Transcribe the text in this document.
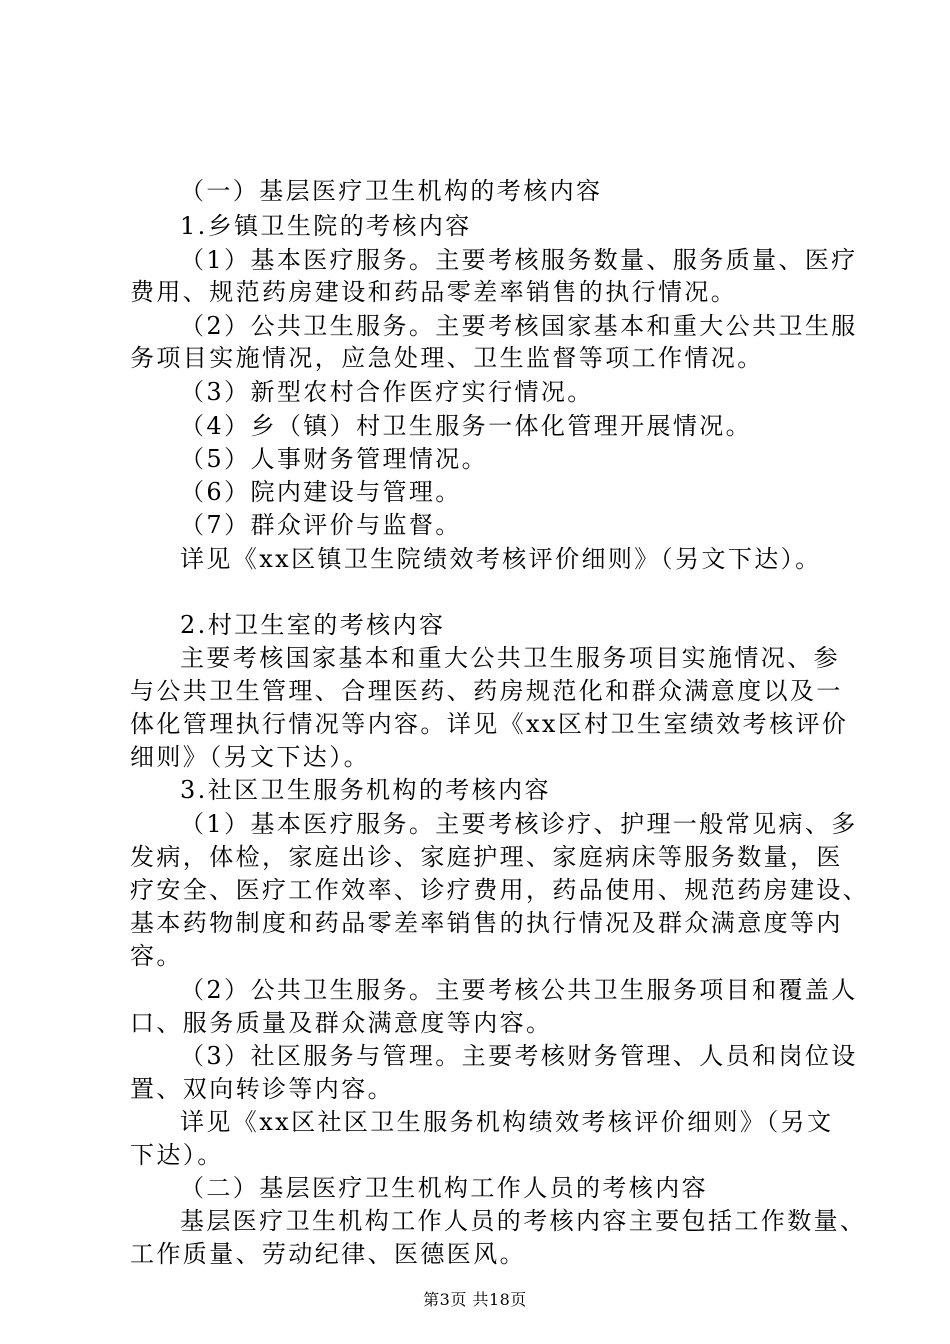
（一）基层医疗卫生机构的考核内容
1.乡镇卫生院的考核内容
（1）基本医疗服务。主要考核服务数量、服务质量、医疗
费用、规范药房建设和药品零差率销售的执行情况。
（2）公共卫生服务。主要考核国家基本和重大公共卫生服
务项目实施情况，应急处理、卫生监督等项工作情况。
（3）新型农村合作医疗实行情况。
（4）乡（镇）村卫生服务一体化管理开展情况。
（5）人事财务管理情况。
（6）院内建设与管理。
（7）群众评价与监督。
详见《xx区镇卫生院绩效考核评价细则》（另文下达）。
2.村卫生室的考核内容
主要考核国家基本和重大公共卫生服务项目实施情况、参
与公共卫生管理、合理医药、药房规范化和群众满意度以及一
体化管理执行情况等内容。详见《xx区村卫生室绩效考核评价
细则》（另文下达）。
3.社区卫生服务机构的考核内容
（1）基本医疗服务。主要考核诊疗、护理一般常见病、多
发病，体检，家庭出诊、家庭护理、家庭病床等服务数量，医
疗安全、医疗工作效率、诊疗费用，药品使用、规范药房建设、
基本药物制度和药品零差率销售的执行情况及群众满意度等内
容。
（2）公共卫生服务。主要考核公共卫生服务项目和覆盖人
口、服务质量及群众满意度等内容。
（3）社区服务与管理。主要考核财务管理、人员和岗位设
置、双向转诊等内容。
详见《xx区社区卫生服务机构绩效考核评价细则》（另文
下达）。
（二）基层医疗卫生机构工作人员的考核内容
基层医疗卫生机构工作人员的考核内容主要包括工作数量、
工作质量、劳动纪律、医德医风。
第3页 共18页
